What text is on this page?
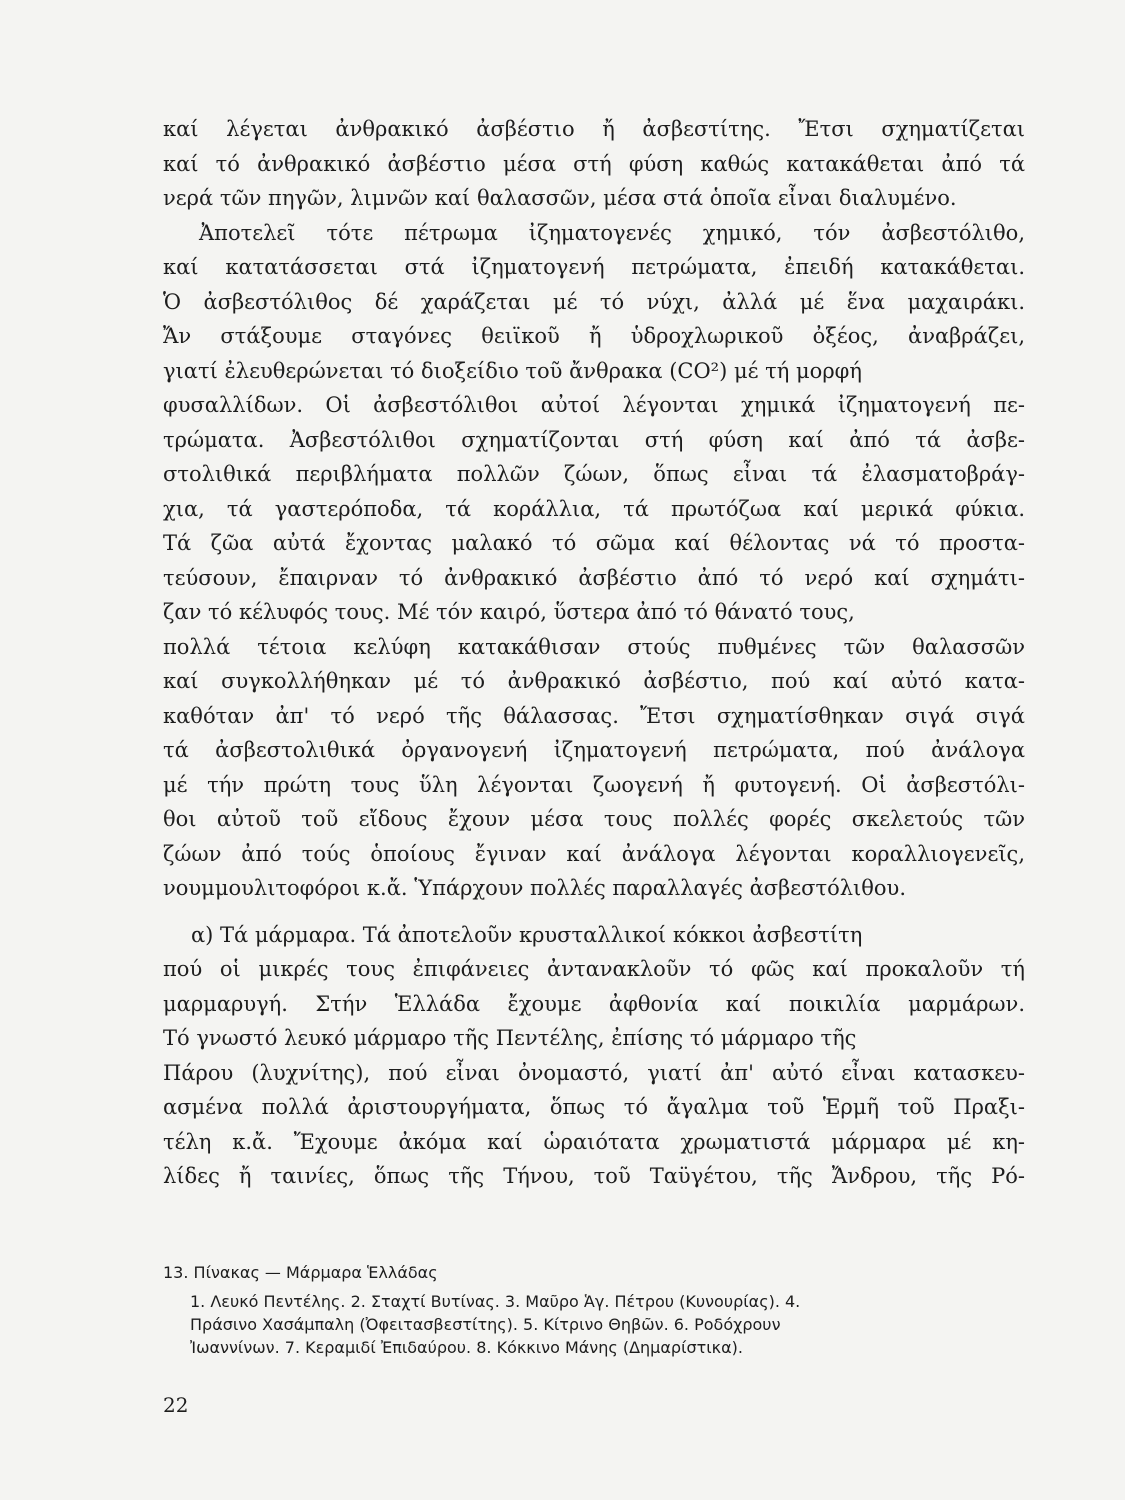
καί λέγεται ἀνθρακικό ἀσβέστιο ἤ ἀσβεστίτης. Ἔτσι σχηματίζεται
καί τό ἀνθρακικό ἀσβέστιο μέσα στή φύση καθώς κατακάθεται ἀπό τά
νερά τῶν πηγῶν, λιμνῶν καί θαλασσῶν, μέσα στά ὁποῖα εἶναι διαλυμένο.
Ἀποτελεῖ τότε πέτρωμα ἰζηματογενές χημικό, τόν ἀσβεστόλιθο,
καί κατατάσσεται στά ἰζηματογενή πετρώματα, ἐπειδή κατακάθεται.
Ὁ ἀσβεστόλιθος δέ χαράζεται μέ τό νύχι, ἀλλά μέ ἕνα μαχαιράκι.
Ἄν στάξουμε σταγόνες θειϊκοῦ ἤ ὑδροχλωρικοῦ ὀξέος, ἀναβράζει,
γιατί ἐλευθερώνεται τό διοξείδιο τοῦ ἄνθρακα (CO²) μέ τή μορφή
φυσαλλίδων. Οἱ ἀσβεστόλιθοι αὐτοί λέγονται χημικά ἰζηματογενή πε-
τρώματα. Ἀσβεστόλιθοι σχηματίζονται στή φύση καί ἀπό τά ἀσβε-
στολιθικά περιβλήματα πολλῶν ζώων, ὅπως εἶναι τά ἐλασματοβράγ-
χια, τά γαστερόποδα, τά κοράλλια, τά πρωτόζωα καί μερικά φύκια.
Τά ζῶα αὐτά ἔχοντας μαλακό τό σῶμα καί θέλοντας νά τό προστα-
τεύσουν, ἔπαιρναν τό ἀνθρακικό ἀσβέστιο ἀπό τό νερό καί σχημάτι-
ζαν τό κέλυφός τους. Μέ τόν καιρό, ὕστερα ἀπό τό θάνατό τους,
πολλά τέτοια κελύφη κατακάθισαν στούς πυθμένες τῶν θαλασσῶν
καί συγκολλήθηκαν μέ τό ἀνθρακικό ἀσβέστιο, πού καί αὐτό κατα-
καθόταν ἀπ' τό νερό τῆς θάλασσας. Ἔτσι σχηματίσθηκαν σιγά σιγά
τά ἀσβεστολιθικά ὀργανογενή ἰζηματογενή πετρώματα, πού ἀνάλογα
μέ τήν πρώτη τους ὕλη λέγονται ζωογενή ἤ φυτογενή. Οἱ ἀσβεστόλι-
θοι αὐτοῦ τοῦ εἴδους ἔχουν μέσα τους πολλές φορές σκελετούς τῶν
ζώων ἀπό τούς ὁποίους ἔγιναν καί ἀνάλογα λέγονται κοραλλιογενεῖς,
νουμμουλιτοφόροι κ.ἄ. Ὑπάρχουν πολλές παραλλαγές ἀσβεστόλιθου.
α) Τά μάρμαρα. Τά ἀποτελοῦν κρυσταλλικοί κόκκοι ἀσβεστίτη
πού οἱ μικρές τους ἐπιφάνειες ἀντανακλοῦν τό φῶς καί προκαλοῦν τή
μαρμαρυγή. Στήν Ἑλλάδα ἔχουμε ἀφθονία καί ποικιλία μαρμάρων.
Τό γνωστό λευκό μάρμαρο τῆς Πεντέλης, ἐπίσης τό μάρμαρο τῆς
Πάρου (λυχνίτης), πού εἶναι ὀνομαστό, γιατί ἀπ' αὐτό εἶναι κατασκευ-
ασμένα πολλά ἀριστουργήματα, ὅπως τό ἄγαλμα τοῦ Ἑρμῆ τοῦ Πραξι-
τέλη κ.ἄ. Ἔχουμε ἀκόμα καί ὡραιότατα χρωματιστά μάρμαρα μέ κη-
λίδες ἤ ταινίες, ὅπως τῆς Τήνου, τοῦ Ταϋγέτου, τῆς Ἄνδρου, τῆς Ρό-
13. Πίνακας — Μάρμαρα Ἑλλάδας
1. Λευκό Πεντέλης. 2. Σταχτί Βυτίνας. 3. Μαῦρο Ἁγ. Πέτρου (Κυνουρίας). 4.
Πράσινο Χασάμπαλη (Ὀφειτασβεστίτης). 5. Κίτρινο Θηβῶν. 6. Ροδόχρουν
Ἰωαννίνων. 7. Κεραμιδί Ἐπιδαύρου. 8. Κόκκινο Μάνης (Δημαρίστικα).
22
